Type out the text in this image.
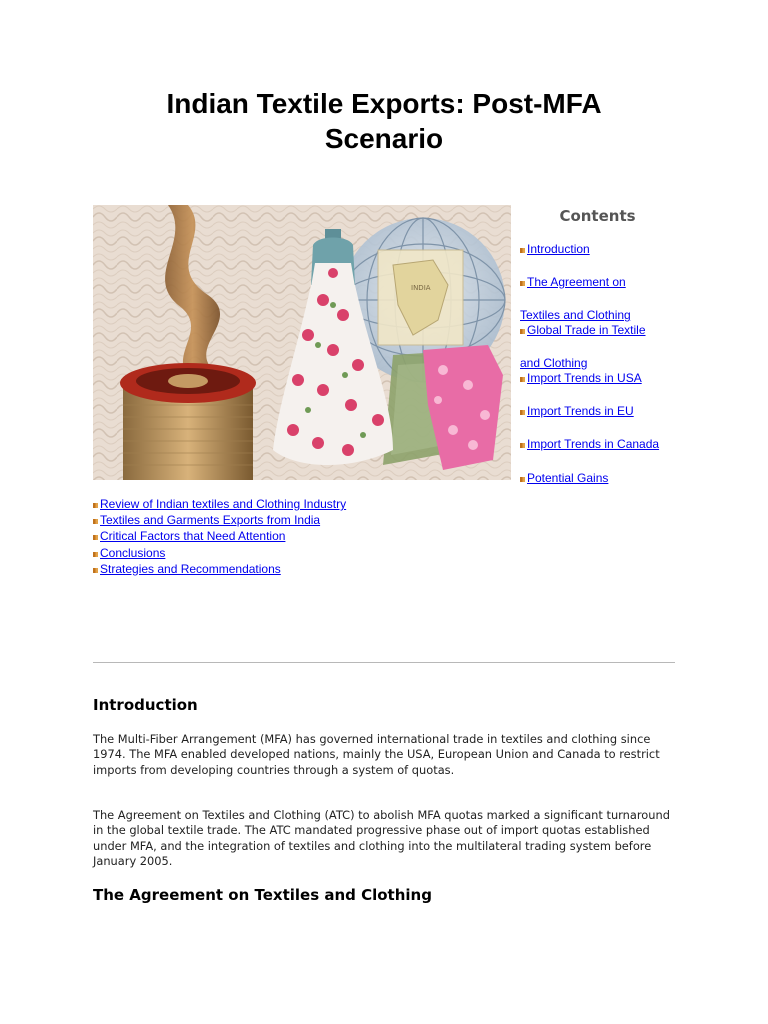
Indian Textile Exports: Post-MFA
Scenario
INDIA
Contents
Introduction
The Agreement on
Textiles and Clothing
Global Trade in Textile
and Clothing
Import Trends in USA
Import Trends in EU
Import Trends in Canada
Potential Gains
Review of Indian textiles and Clothing Industry
Textiles and Garments Exports from India
Critical Factors that Need Attention
Conclusions
Strategies and Recommendations
Introduction

The Multi-Fiber Arrangement (MFA) has governed international trade in textiles and clothing since 1974. The MFA enabled developed nations, mainly the USA, European Union and Canada to restrict imports from developing countries through a system of quotas.

The Agreement on Textiles and Clothing (ATC) to abolish MFA quotas marked a significant turnaround in the global textile trade. The ATC mandated progressive phase out of import quotas established under MFA, and the integration of textiles and clothing into the multilateral trading system before January 2005.

The Agreement on Textiles and Clothing
